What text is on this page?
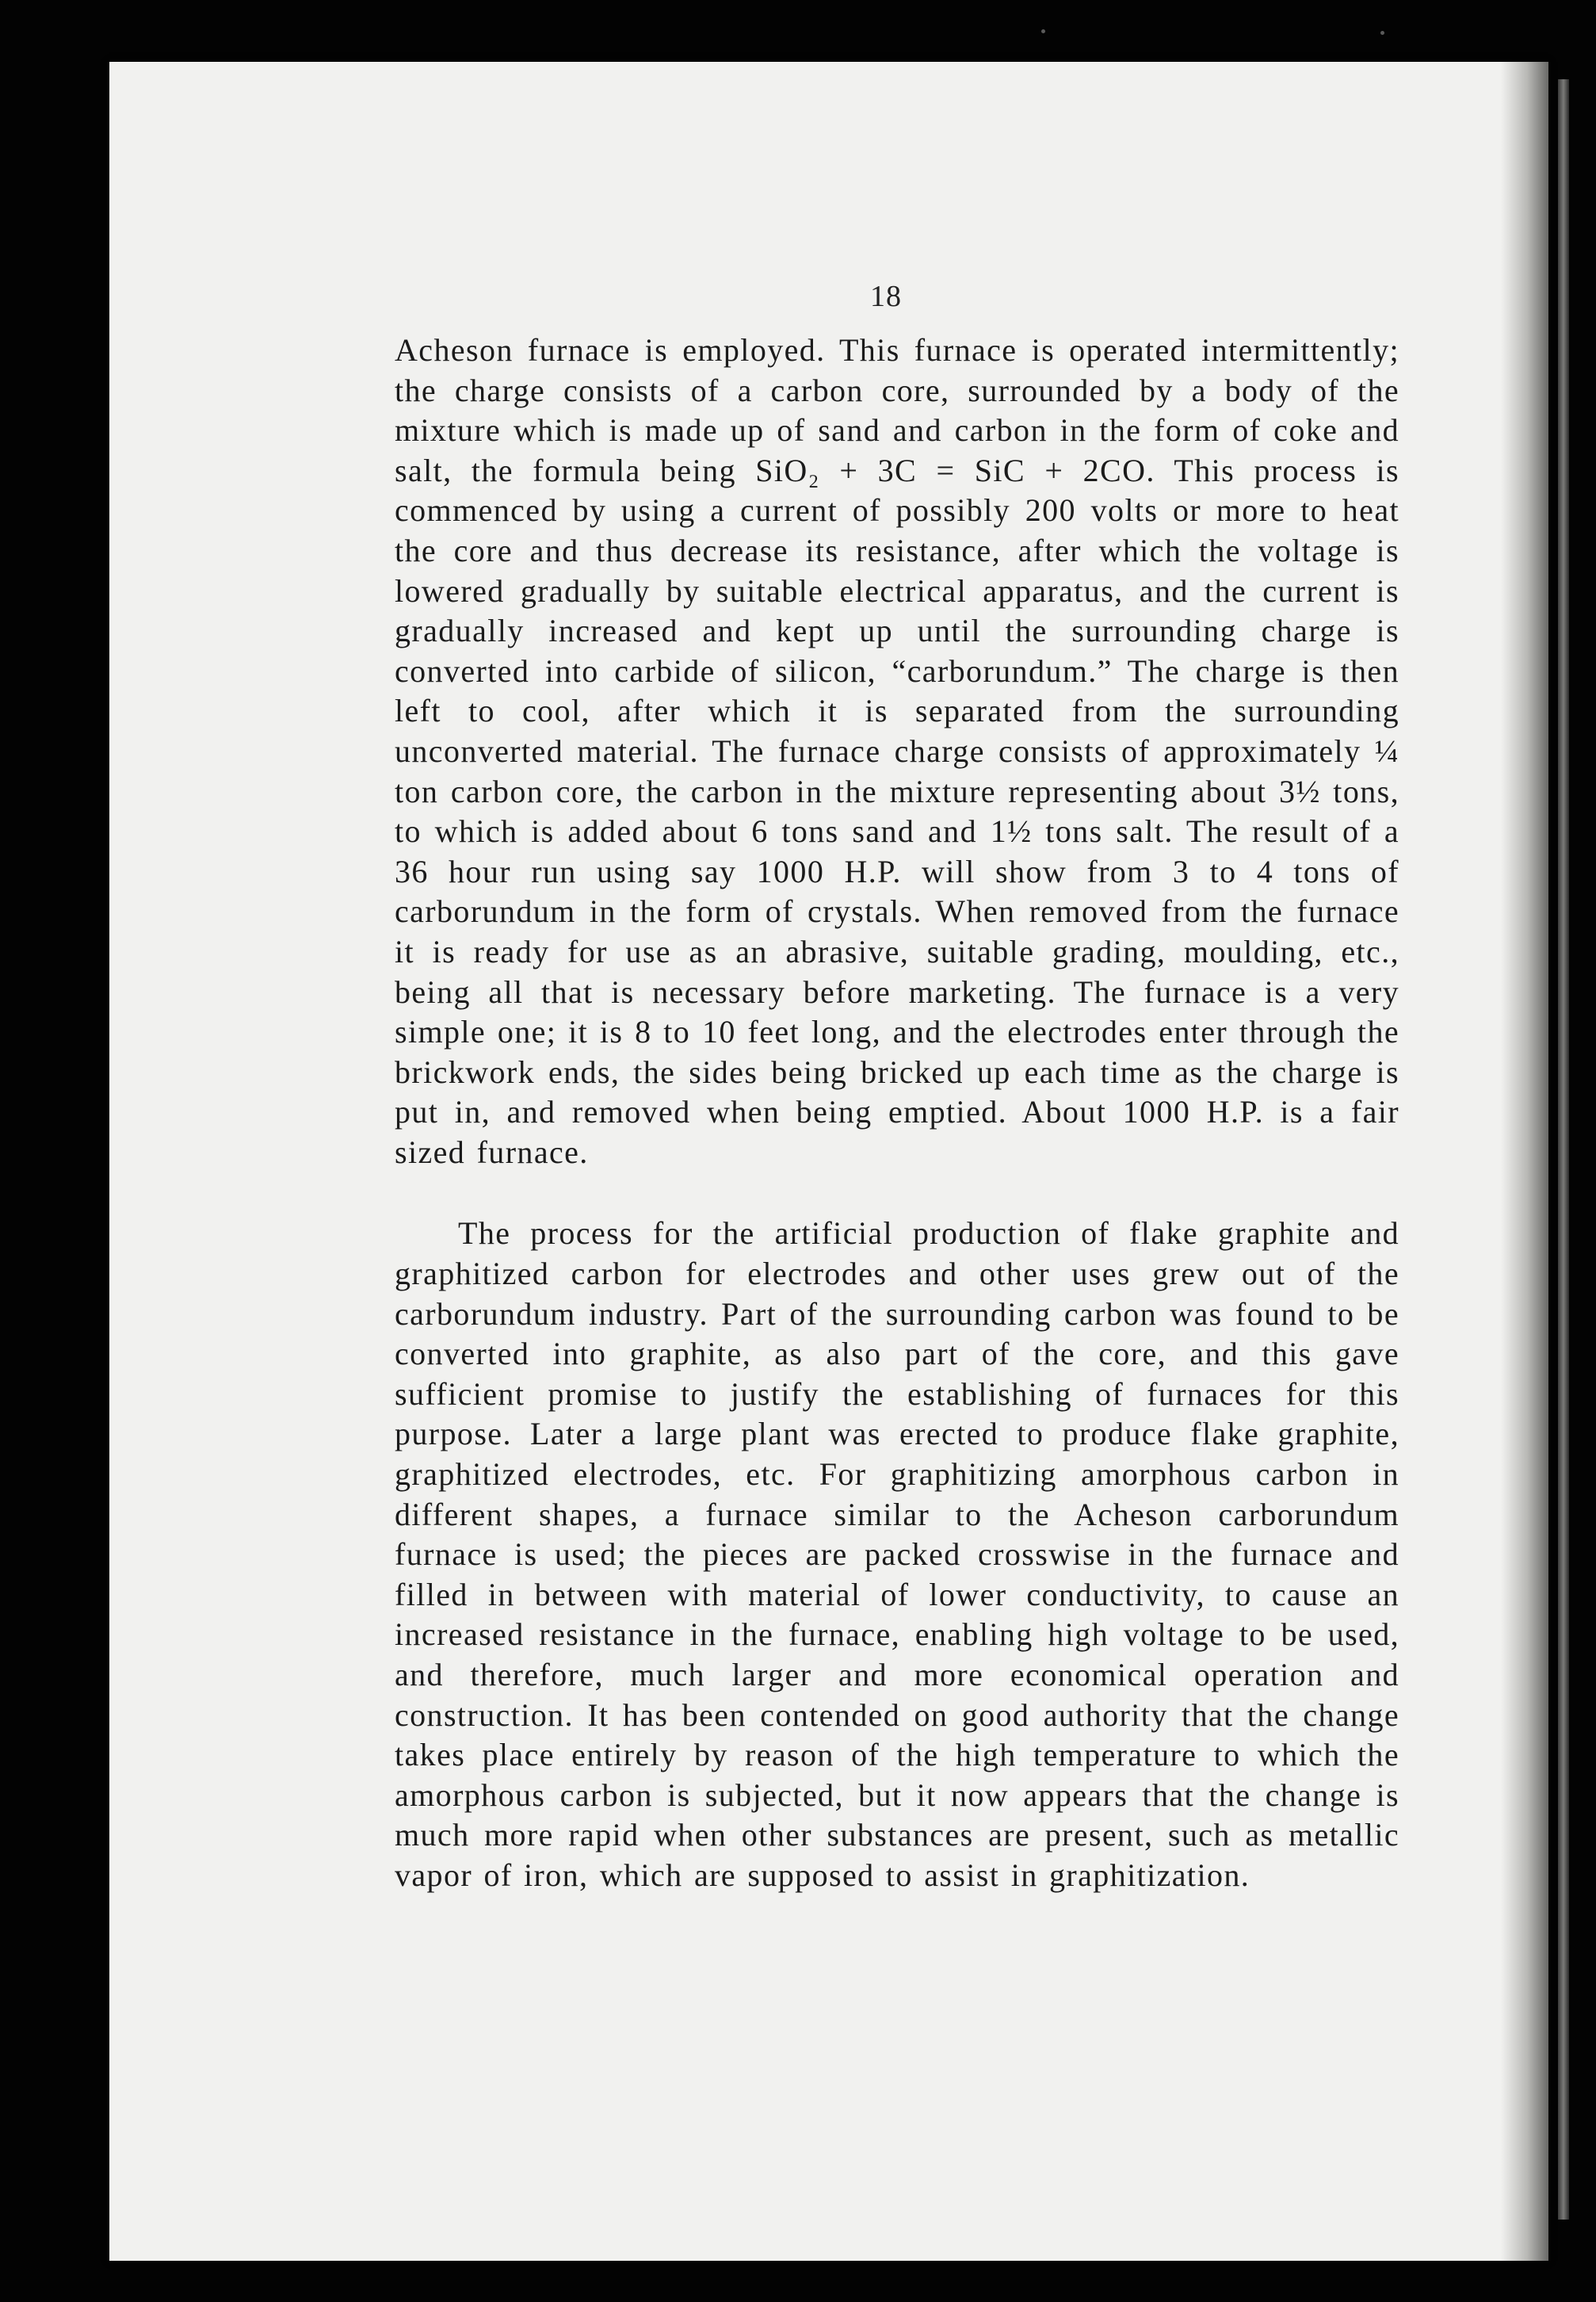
18

Acheson furnace is employed. This furnace is operated intermittently; the charge consists of a carbon core, surrounded by a body of the mixture which is made up of sand and carbon in the form of coke and salt, the formula being SiO₂ + 3C = SiC + 2CO. This process is commenced by using a current of possibly 200 volts or more to heat the core and thus decrease its resistance, after which the voltage is lowered gradually by suitable electrical apparatus, and the current is gradually increased and kept up until the surrounding charge is converted into carbide of silicon, “carborundum.” The charge is then left to cool, after which it is separated from the surrounding unconverted material. The furnace charge consists of approximately ¼ ton carbon core, the carbon in the mixture representing about 3½ tons, to which is added about 6 tons sand and 1½ tons salt. The result of a 36 hour run using say 1000 H.P. will show from 3 to 4 tons of carborundum in the form of crystals. When removed from the furnace it is ready for use as an abrasive, suitable grading, moulding, etc., being all that is necessary before marketing. The furnace is a very simple one; it is 8 to 10 feet long, and the electrodes enter through the brickwork ends, the sides being bricked up each time as the charge is put in, and removed when being emptied. About 1000 H.P. is a fair sized furnace.

The process for the artificial production of flake graphite and graphitized carbon for electrodes and other uses grew out of the carborundum industry. Part of the surrounding carbon was found to be converted into graphite, as also part of the core, and this gave sufficient promise to justify the establishing of furnaces for this purpose. Later a large plant was erected to produce flake graphite, graphitized electrodes, etc. For graphitizing amorphous carbon in different shapes, a furnace similar to the Acheson carborundum furnace is used; the pieces are packed crosswise in the furnace and filled in between with material of lower conductivity, to cause an increased resistance in the furnace, enabling high voltage to be used, and therefore, much larger and more economical operation and construction. It has been contended on good authority that the change takes place entirely by reason of the high temperature to which the amorphous carbon is subjected, but it now appears that the change is much more rapid when other substances are present, such as metallic vapor of iron, which are supposed to assist in graphitization.
